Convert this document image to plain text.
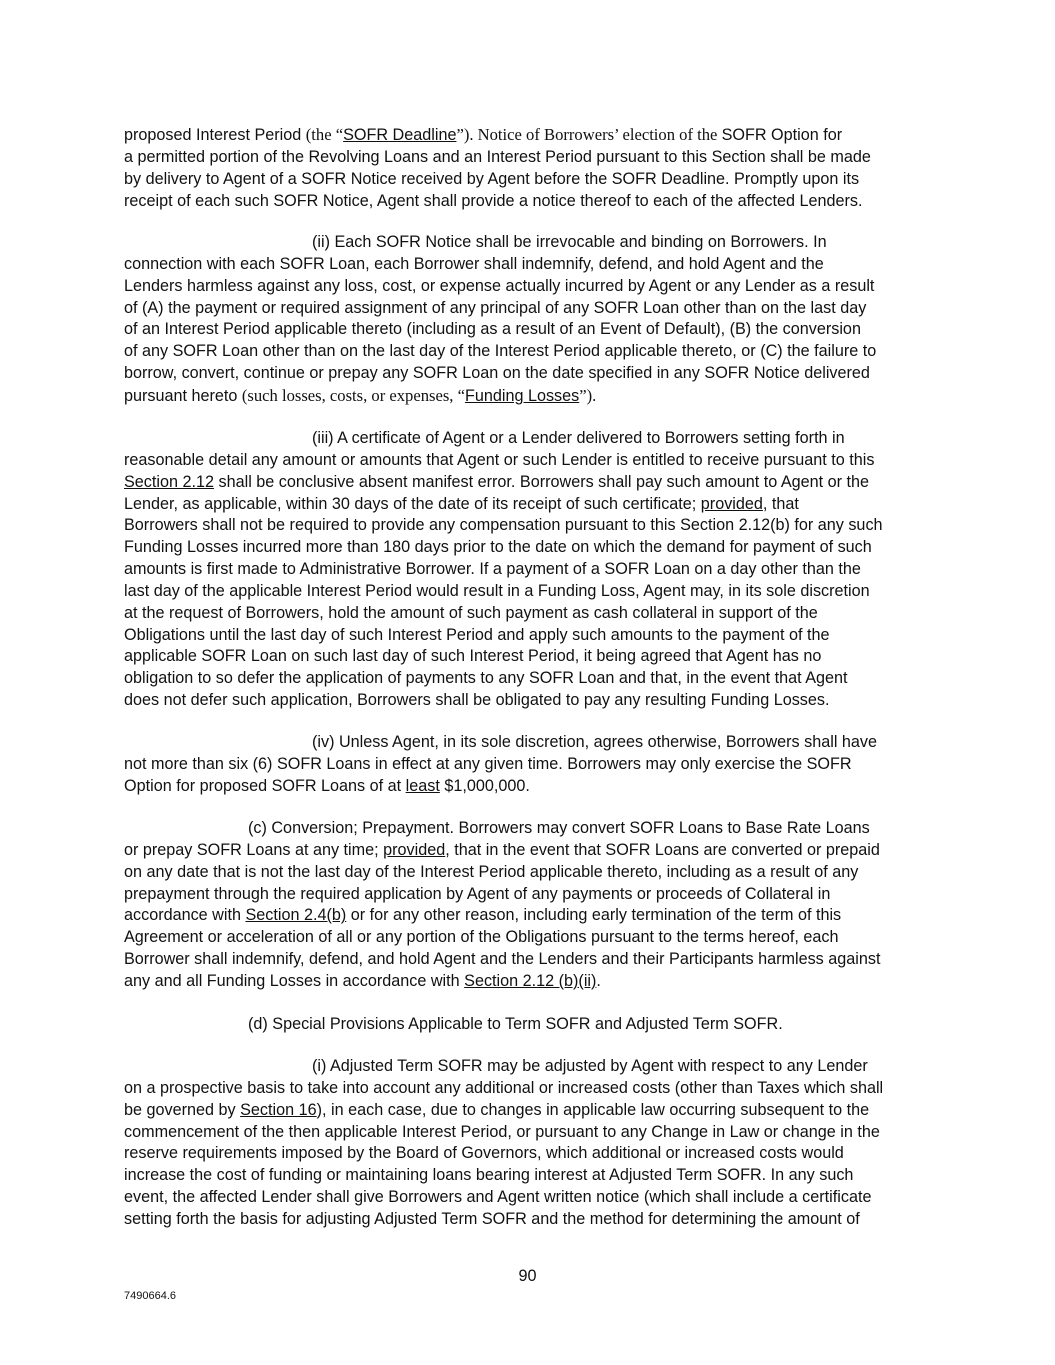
proposed Interest Period (the “SOFR Deadline”). Notice of Borrowers’ election of the SOFR Option for
a permitted portion of the Revolving Loans and an Interest Period pursuant to this Section shall be made
by delivery to Agent of a SOFR Notice received by Agent before the SOFR Deadline. Promptly upon its
receipt of each such SOFR Notice, Agent shall provide a notice thereof to each of the affected Lenders.
(ii) Each SOFR Notice shall be irrevocable and binding on Borrowers. In
connection with each SOFR Loan, each Borrower shall indemnify, defend, and hold Agent and the
Lenders harmless against any loss, cost, or expense actually incurred by Agent or any Lender as a result
of (A) the payment or required assignment of any principal of any SOFR Loan other than on the last day
of an Interest Period applicable thereto (including as a result of an Event of Default), (B) the conversion
of any SOFR Loan other than on the last day of the Interest Period applicable thereto, or (C) the failure to
borrow, convert, continue or prepay any SOFR Loan on the date specified in any SOFR Notice delivered
pursuant hereto (such losses, costs, or expenses, “Funding Losses”).
(iii) A certificate of Agent or a Lender delivered to Borrowers setting forth in
reasonable detail any amount or amounts that Agent or such Lender is entitled to receive pursuant to this
Section 2.12 shall be conclusive absent manifest error. Borrowers shall pay such amount to Agent or the
Lender, as applicable, within 30 days of the date of its receipt of such certificate; provided, that
Borrowers shall not be required to provide any compensation pursuant to this Section 2.12(b) for any such
Funding Losses incurred more than 180 days prior to the date on which the demand for payment of such
amounts is first made to Administrative Borrower. If a payment of a SOFR Loan on a day other than the
last day of the applicable Interest Period would result in a Funding Loss, Agent may, in its sole discretion
at the request of Borrowers, hold the amount of such payment as cash collateral in support of the
Obligations until the last day of such Interest Period and apply such amounts to the payment of the
applicable SOFR Loan on such last day of such Interest Period, it being agreed that Agent has no
obligation to so defer the application of payments to any SOFR Loan and that, in the event that Agent
does not defer such application, Borrowers shall be obligated to pay any resulting Funding Losses.
(iv) Unless Agent, in its sole discretion, agrees otherwise, Borrowers shall have
not more than six (6) SOFR Loans in effect at any given time. Borrowers may only exercise the SOFR
Option for proposed SOFR Loans of at least $1,000,000.
(c) Conversion; Prepayment. Borrowers may convert SOFR Loans to Base Rate Loans
or prepay SOFR Loans at any time; provided, that in the event that SOFR Loans are converted or prepaid
on any date that is not the last day of the Interest Period applicable thereto, including as a result of any
prepayment through the required application by Agent of any payments or proceeds of Collateral in
accordance with Section 2.4(b) or for any other reason, including early termination of the term of this
Agreement or acceleration of all or any portion of the Obligations pursuant to the terms hereof, each
Borrower shall indemnify, defend, and hold Agent and the Lenders and their Participants harmless against
any and all Funding Losses in accordance with Section 2.12 (b)(ii).
(d) Special Provisions Applicable to Term SOFR and Adjusted Term SOFR.
(i) Adjusted Term SOFR may be adjusted by Agent with respect to any Lender
on a prospective basis to take into account any additional or increased costs (other than Taxes which shall
be governed by Section 16), in each case, due to changes in applicable law occurring subsequent to the
commencement of the then applicable Interest Period, or pursuant to any Change in Law or change in the
reserve requirements imposed by the Board of Governors, which additional or increased costs would
increase the cost of funding or maintaining loans bearing interest at Adjusted Term SOFR. In any such
event, the affected Lender shall give Borrowers and Agent written notice (which shall include a certificate
setting forth the basis for adjusting Adjusted Term SOFR and the method for determining the amount of
90
7490664.6
